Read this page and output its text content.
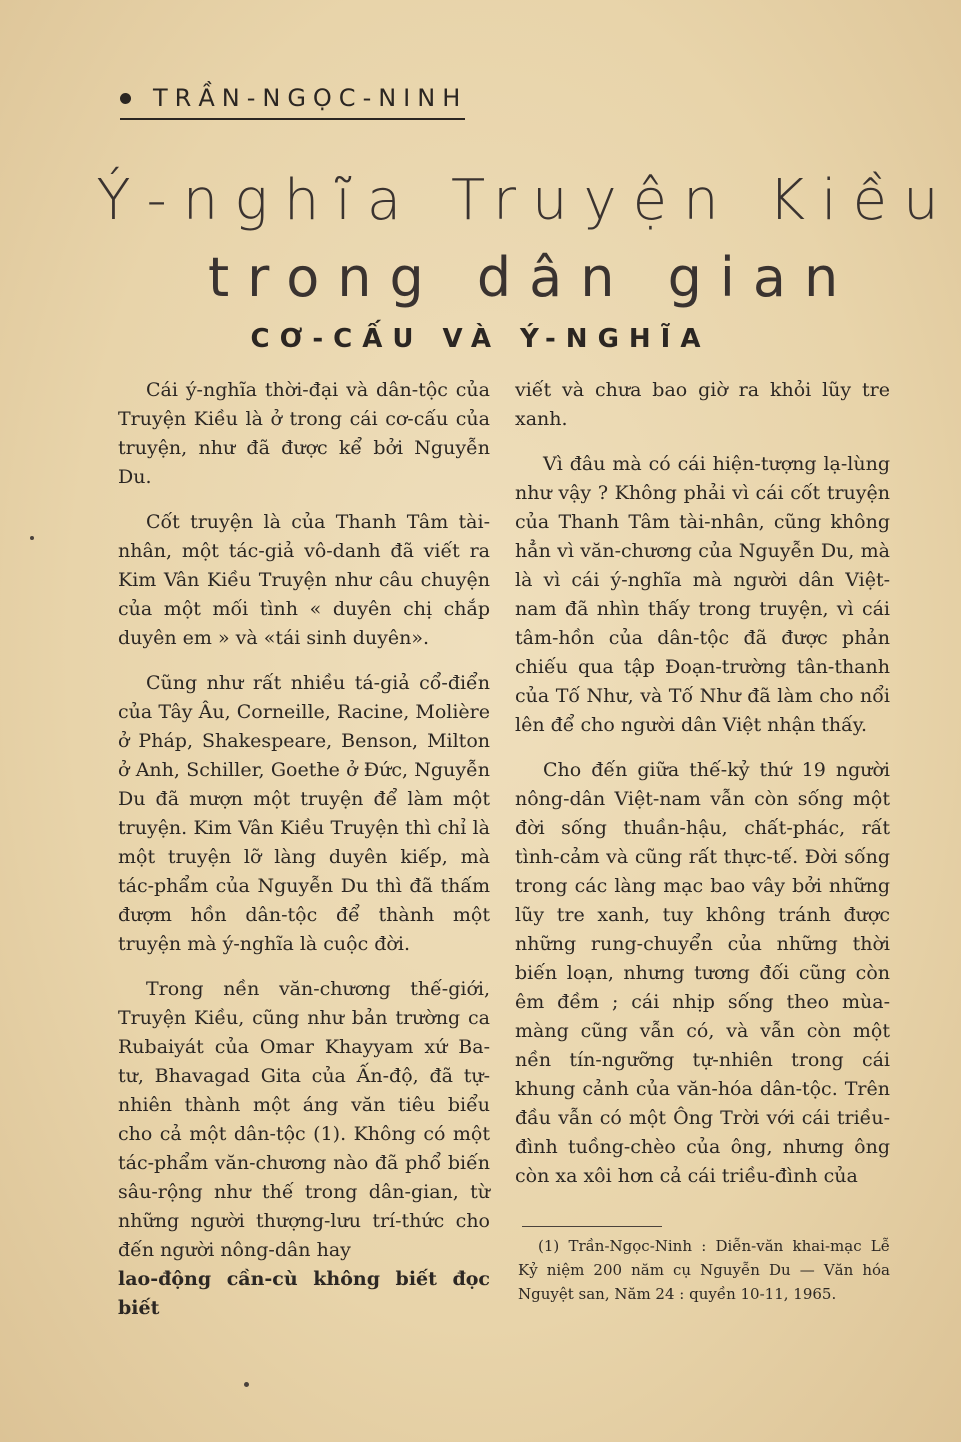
TRẦN-NGỌC-NINH
Ý-nghĩa Truyện Kiều
trong dân gian
CƠ-CẤU VÀ Ý-NGHĨA

Cái ý-nghĩa thời-đại và dân-tộc của Truyện Kiều là ở trong cái cơ-cấu của truyện, như đã được kể bởi Nguyễn Du.

Cốt truyện là của Thanh Tâm tài-nhân, một tác-giả vô-danh đã viết ra Kim Vân Kiều Truyện như câu chuyện của một mối tình « duyên chị chắp duyên em » và «tái sinh duyên».

Cũng như rất nhiều tá-giả cổ-điển của Tây Âu, Corneille, Racine, Molière ở Pháp, Shakespeare, Benson, Milton ở Anh, Schiller, Goethe ở Đức, Nguyễn Du đã mượn một truyện để làm một truyện. Kim Vân Kiều Truyện thì chỉ là một truyện lỡ làng duyên kiếp, mà tác-phẩm của Nguyễn Du thì đã thấm đượm hồn dân-tộc để thành một truyện mà ý-nghĩa là cuộc đời.

Trong nền văn-chương thế-giới, Truyện Kiều, cũng như bản trường ca Rubaiyát của Omar Khayyam xứ Ba-tư, Bhavagad Gita của Ấn-độ, đã tự-nhiên thành một áng văn tiêu biểu cho cả một dân-tộc (1). Không có một tác-phẩm văn-chương nào đã phổ biến sâu-rộng như thế trong dân-gian, từ những người thượng-lưu trí-thức cho đến người nông-dân hay

lao-động cần-cù không biết đọc biết

viết và chưa bao giờ ra khỏi lũy tre xanh.

Vì đâu mà có cái hiện-tượng lạ-lùng như vậy ? Không phải vì cái cốt truyện của Thanh Tâm tài-nhân, cũng không hẳn vì văn-chương của Nguyễn Du, mà là vì cái ý-nghĩa mà người dân Việt-nam đã nhìn thấy trong truyện, vì cái tâm-hồn của dân-tộc đã được phản chiếu qua tập Đoạn-trường tân-thanh của Tố Như, và Tố Như đã làm cho nổi lên để cho người dân Việt nhận thấy.

Cho đến giữa thế-kỷ thứ 19 người nông-dân Việt-nam vẫn còn sống một đời sống thuần-hậu, chất-phác, rất tình-cảm và cũng rất thực-tế. Đời sống trong các làng mạc bao vây bởi những lũy tre xanh, tuy không tránh được những rung-chuyển của những thời biến loạn, nhưng tương đối cũng còn êm đềm ; cái nhịp sống theo mùa-màng cũng vẫn có, và vẫn còn một nền tín-ngưỡng tự-nhiên trong cái khung cảnh của văn-hóa dân-tộc. Trên đầu vẫn có một Ông Trời với cái triều-đình tuồng-chèo của ông, nhưng ông còn xa xôi hơn cả cái triều-đình của

(1) Trần-Ngọc-Ninh : Diễn-văn khai-mạc Lễ Kỷ niệm 200 năm cụ Nguyễn Du — Văn hóa Nguyệt san, Năm 24 : quyền 10-11, 1965.
